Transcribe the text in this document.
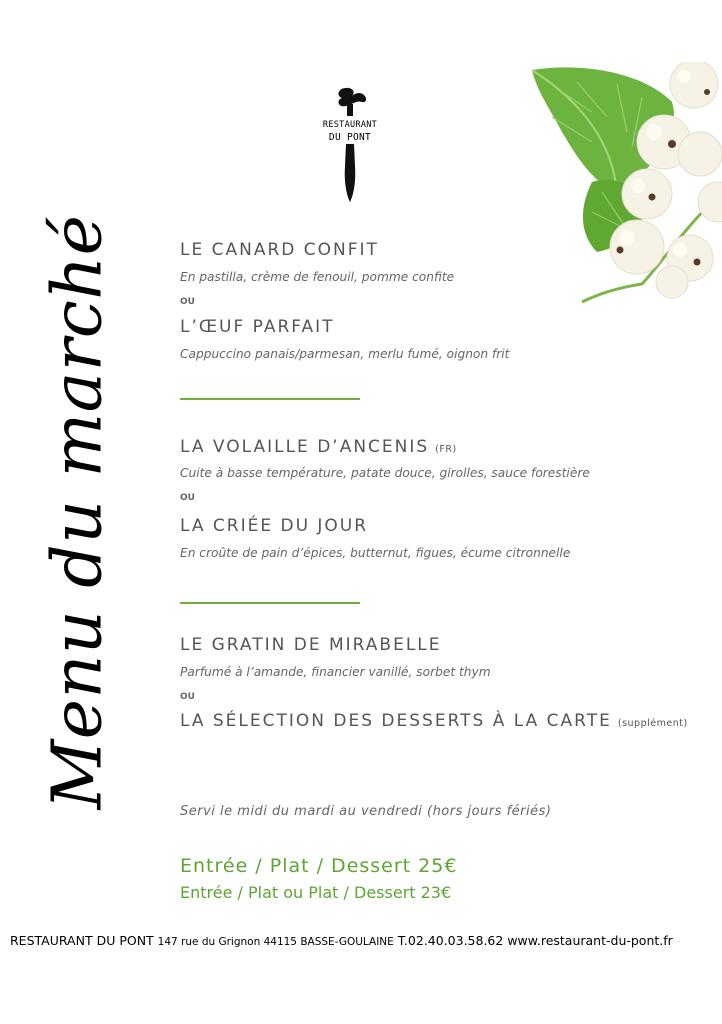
Menu du marché
RESTAURANT
DU PONT
LE CANARD CONFIT
En pastilla, crème de fenouil, pomme confite
OU
L’ŒUF PARFAIT
Cappuccino panais/parmesan, merlu fumé, oignon frit
LA VOLAILLE D’ANCENIS (FR)
Cuite à basse température, patate douce, girolles, sauce forestière
OU
LA CRIÉE DU JOUR
En croûte de pain d’épices, butternut, figues, écume citronnelle
LE GRATIN DE MIRABELLE
Parfumé à l’amande, financier vanillé, sorbet thym
OU
LA SÉLECTION DES DESSERTS À LA CARTE (supplément)
Servi le midi du mardi au vendredi (hors jours fériés)
Entrée / Plat / Dessert 25€
Entrée / Plat ou Plat / Dessert 23€
RESTAURANT DU PONT 147 rue du Grignon 44115 BASSE-GOULAINE T.02.40.03.58.62 www.restaurant-du-pont.fr
